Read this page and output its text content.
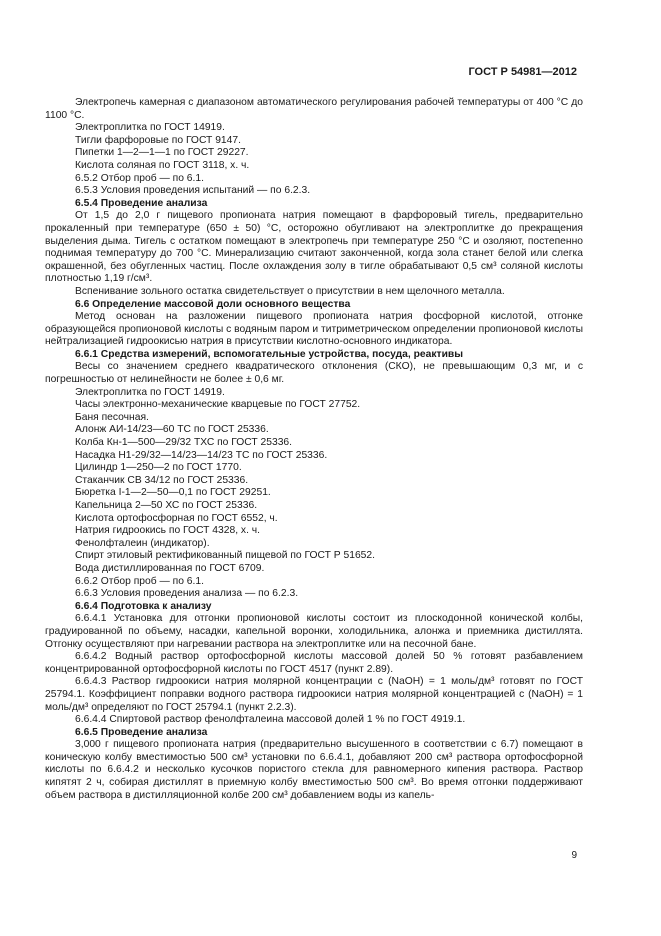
ГОСТ Р 54981—2012

Электропечь камерная с диапазоном автоматического регулирования рабочей температуры от 400 °С до 1100 °С.

Электроплитка по ГОСТ 14919.

Тигли фарфоровые по ГОСТ 9147.

Пипетки 1—2—1—1 по ГОСТ 29227.

Кислота соляная по ГОСТ 3118, х. ч.

6.5.2 Отбор проб — по 6.1.

6.5.3 Условия проведения испытаний — по 6.2.3.

6.5.4 Проведение анализа

От 1,5 до 2,0 г пищевого пропионата натрия помещают в фарфоровый тигель, предварительно прокаленный при температуре (650 ± 50) °С, осторожно обугливают на электроплитке до прекращения выделения дыма. Тигель с остатком помещают в электропечь при температуре 250 °С и озоляют, постепенно поднимая температуру до 700 °С. Минерализацию считают законченной, когда зола станет белой или слегка окрашенной, без обугленных частиц. После охлаждения золу в тигле обрабатывают 0,5 см³ соляной кислоты плотностью 1,19 г/см³.

Вспенивание зольного остатка свидетельствует о присутствии в нем щелочного металла.

6.6 Определение массовой доли основного вещества

Метод основан на разложении пищевого пропионата натрия фосфорной кислотой, отгонке образующейся пропионовой кислоты с водяным паром и титриметрическом определении пропионовой кислоты нейтрализацией гидроокисью натрия в присутствии кислотно-основного индикатора.

6.6.1 Средства измерений, вспомогательные устройства, посуда, реактивы

Весы со значением среднего квадратического отклонения (СКО), не превышающим 0,3 мг, и с погрешностью от нелинейности не более ± 0,6 мг.

Электроплитка по ГОСТ 14919.

Часы электронно-механические кварцевые по ГОСТ 27752.

Баня песочная.

Алонж АИ-14/23—60 ТС по ГОСТ 25336.

Колба Кн-1—500—29/32 ТХС по ГОСТ 25336.

Насадка Н1-29/32—14/23—14/23 ТС по ГОСТ 25336.

Цилиндр 1—250—2 по ГОСТ 1770.

Стаканчик СВ 34/12 по ГОСТ 25336.

Бюретка I-1—2—50—0,1 по ГОСТ 29251.

Капельница 2—50 ХС по ГОСТ 25336.

Кислота ортофосфорная по ГОСТ 6552, ч.

Натрия гидроокись по ГОСТ 4328, х. ч.

Фенолфталеин (индикатор).

Спирт этиловый ректификованный пищевой по ГОСТ Р 51652.

Вода дистиллированная по ГОСТ 6709.

6.6.2 Отбор проб — по 6.1.

6.6.3 Условия проведения анализа — по 6.2.3.

6.6.4 Подготовка к анализу

6.6.4.1 Установка для отгонки пропионовой кислоты состоит из плоскодонной конической колбы, градуированной по объему, насадки, капельной воронки, холодильника, алонжа и приемника дистиллята. Отгонку осуществляют при нагревании раствора на электроплитке или на песочной бане.

6.6.4.2 Водный раствор ортофосфорной кислоты массовой долей 50 % готовят разбавлением концентрированной ортофосфорной кислоты по ГОСТ 4517 (пункт 2.89).

6.6.4.3 Раствор гидроокиси натрия молярной концентрации с (NaOH) = 1 моль/дм³ готовят по ГОСТ 25794.1. Коэффициент поправки водного раствора гидроокиси натрия молярной концентрацией с (NaOH) = 1 моль/дм³ определяют по ГОСТ 25794.1 (пункт 2.2.3).

6.6.4.4 Спиртовой раствор фенолфталеина массовой долей 1 % по ГОСТ 4919.1.

6.6.5 Проведение анализа

3,000 г пищевого пропионата натрия (предварительно высушенного в соответствии с 6.7) помещают в коническую колбу вместимостью 500 см³ установки по 6.6.4.1, добавляют 200 см³ раствора ортофосфорной кислоты по 6.6.4.2 и несколько кусочков пористого стекла для равномерного кипения раствора. Раствор кипятят 2 ч, собирая дистиллят в приемную колбу вместимостью 500 см³. Во время отгонки поддерживают объем раствора в дистилляционной колбе 200 см³ добавлением воды из капель-

9
